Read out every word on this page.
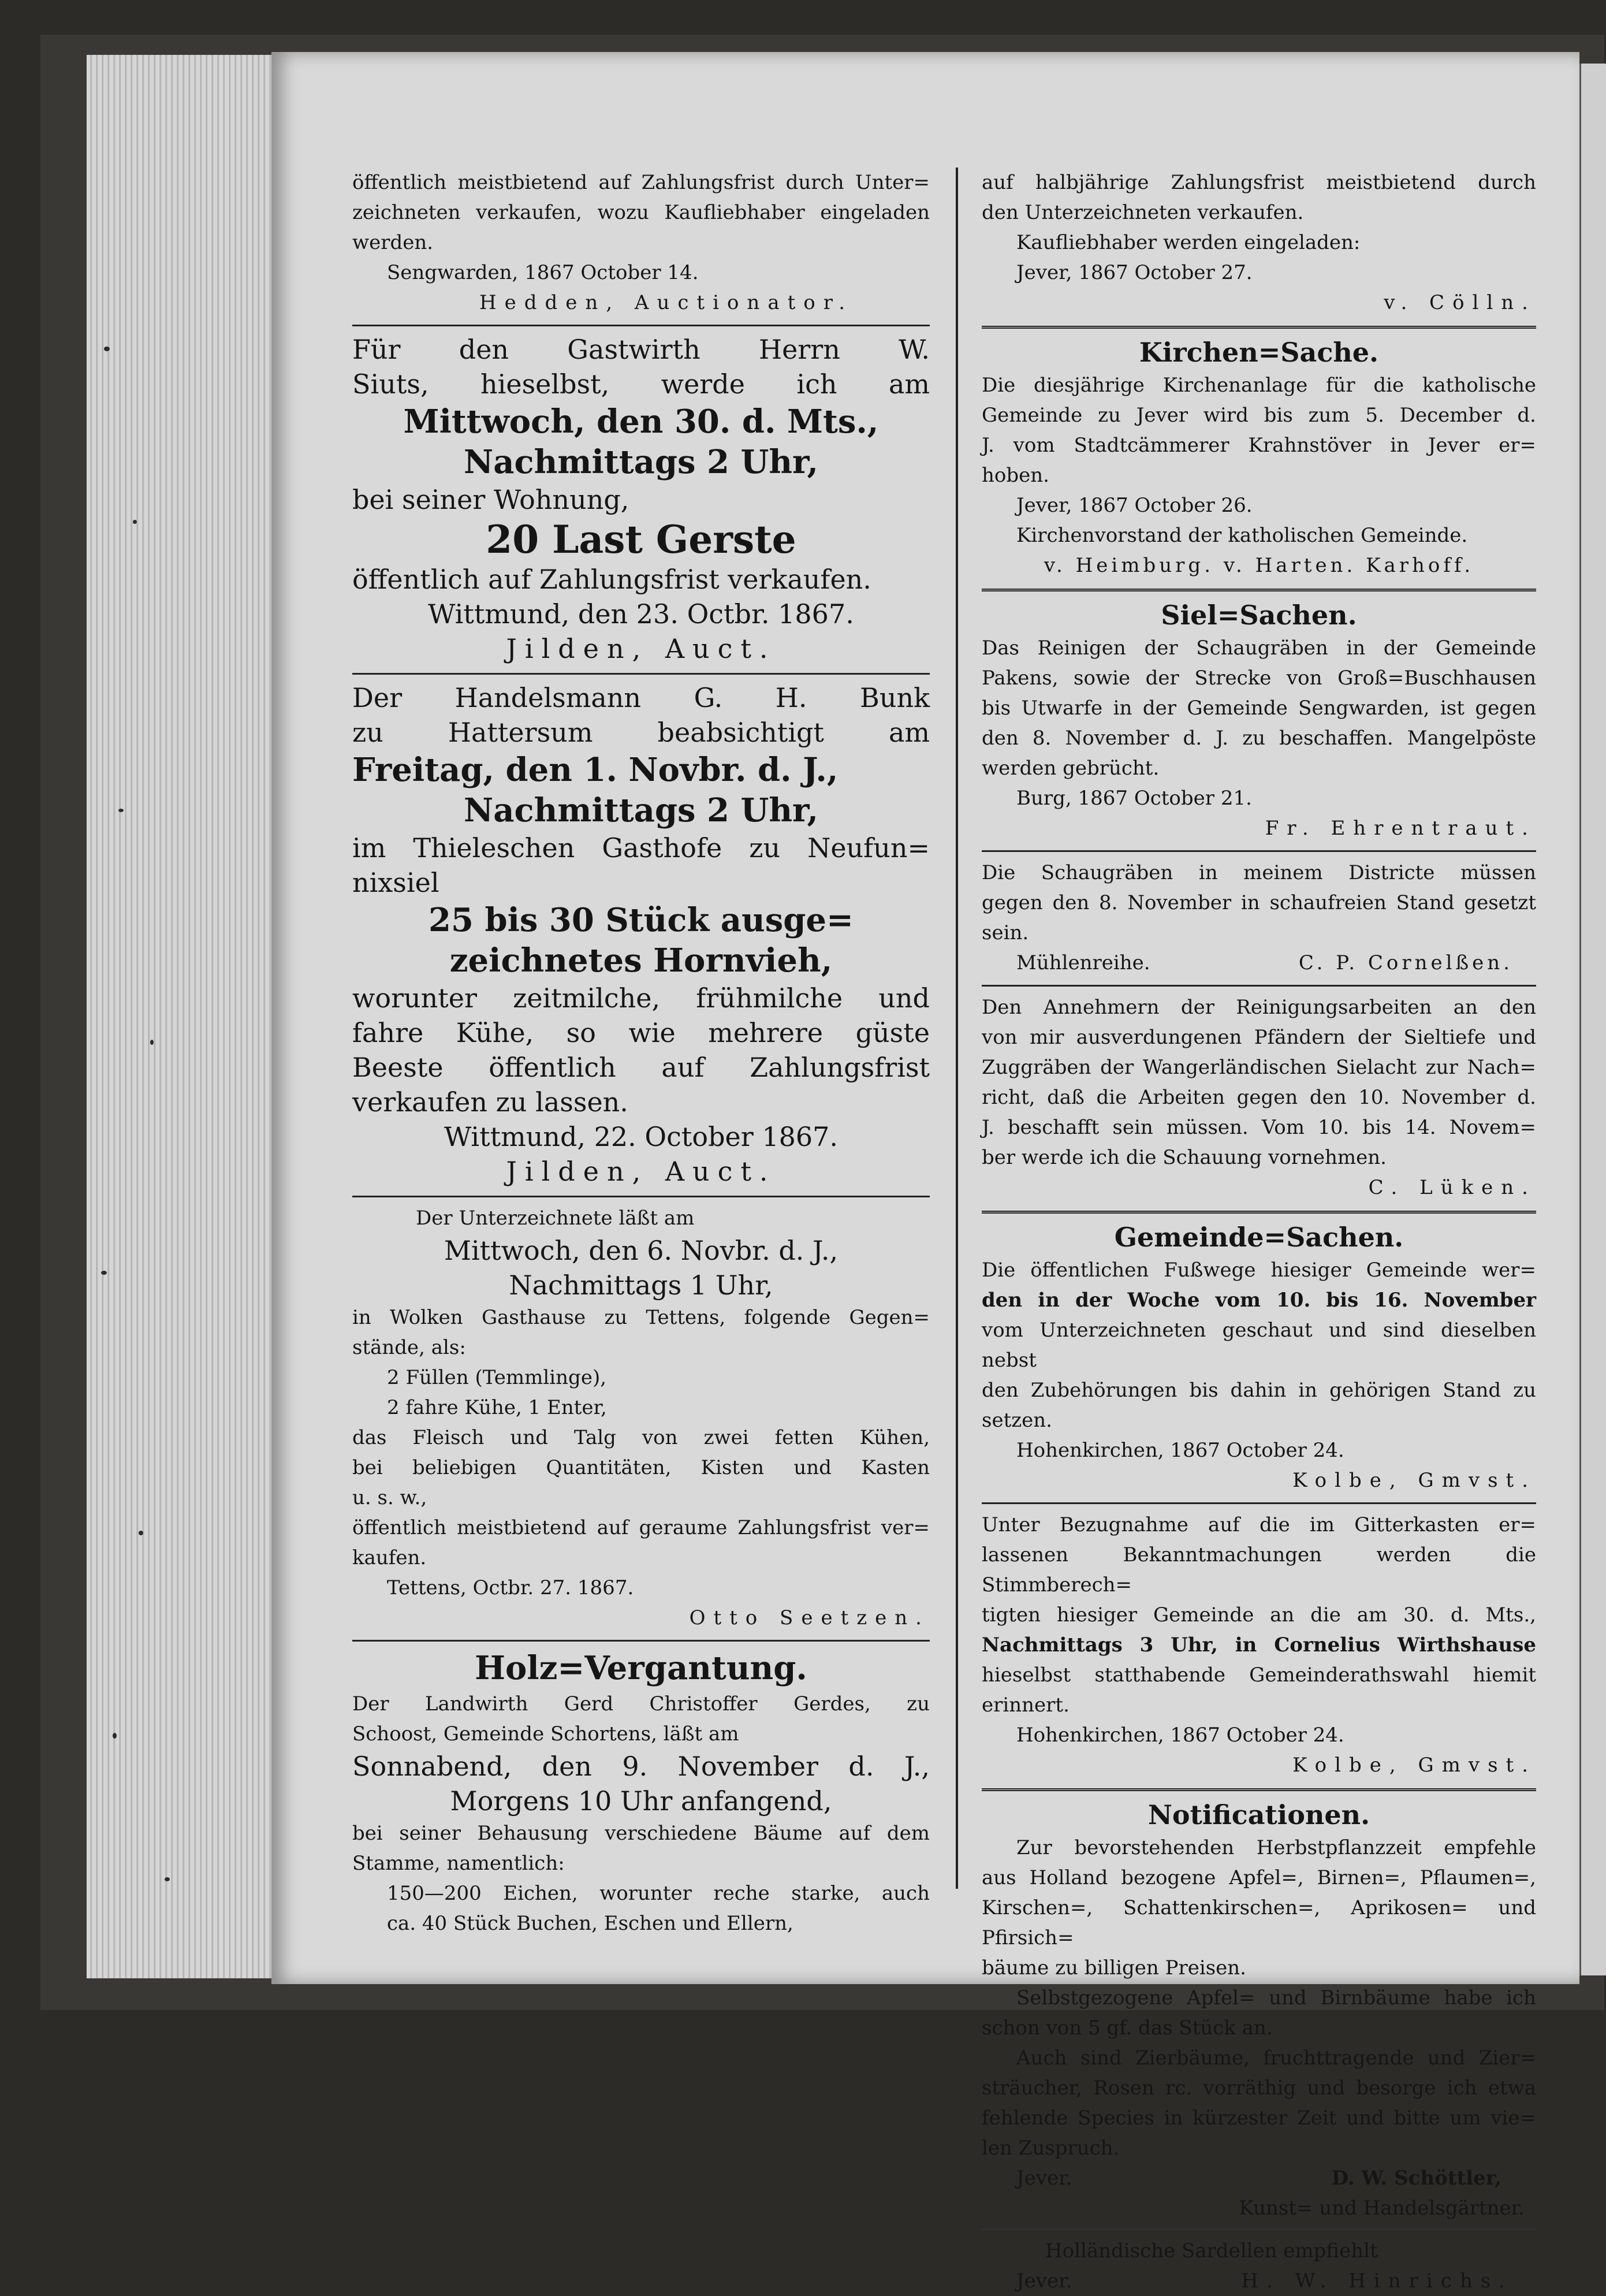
öffentlich meistbietend auf Zahlungsfrist durch Unter=

zeichneten verkaufen, wozu Kaufliebhaber eingeladen

werden.

Sengwarden, 1867 October 14.

Hedden, Auctionator.

Für den Gastwirth Herrn W.

Siuts, hieselbst, werde ich am

Mittwoch, den 30. d. Mts.,

Nachmittags 2 Uhr,

bei seiner Wohnung,

20 Last Gerste

öffentlich auf Zahlungsfrist verkaufen.

Wittmund, den 23. Octbr. 1867.

Jilden, Auct.

Der Handelsmann G. H. Bunk

zu Hattersum beabsichtigt am

Freitag, den 1. Novbr. d. J.,

Nachmittags 2 Uhr,

im Thieleschen Gasthofe zu Neufun=

nixsiel

25 bis 30 Stück ausge=

zeichnetes Hornvieh,

worunter zeitmilche, frühmilche und

fahre Kühe, so wie mehrere güste

Beeste öffentlich auf Zahlungsfrist

verkaufen zu lassen.

Wittmund, 22. October 1867.

Jilden, Auct.

Der Unterzeichnete läßt am

Mittwoch, den 6. Novbr. d. J.,

Nachmittags 1 Uhr,

in Wolken Gasthause zu Tettens, folgende Gegen=

stände, als:

2 Füllen (Temmlinge),

2 fahre Kühe, 1 Enter,

das Fleisch und Talg von zwei fetten Kühen,

bei beliebigen Quantitäten, Kisten und Kasten

u. s. w.,

öffentlich meistbietend auf geraume Zahlungsfrist ver=

kaufen.

Tettens, Octbr. 27. 1867.

Otto Seetzen.

Holz=Vergantung.

Der Landwirth Gerd Christoffer Gerdes, zu

Schoost, Gemeinde Schortens, läßt am

Sonnabend, den 9. November d. J.,

Morgens 10 Uhr anfangend,

bei seiner Behausung verschiedene Bäume auf dem

Stamme, namentlich:

150—200 Eichen, worunter reche starke, auch

ca. 40 Stück Buchen, Eschen und Ellern,

auf halbjährige Zahlungsfrist meistbietend durch

den Unterzeichneten verkaufen.

Kaufliebhaber werden eingeladen:

Jever, 1867 October 27.

v. Cölln.

Kirchen=Sache.

Die diesjährige Kirchenanlage für die katholische

Gemeinde zu Jever wird bis zum 5. December d.

J. vom Stadtcämmerer Krahnstöver in Jever er=

hoben.

Jever, 1867 October 26.

Kirchenvorstand der katholischen Gemeinde.

v. Heimburg. v. Harten. Karhoff.

Siel=Sachen.

Das Reinigen der Schaugräben in der Gemeinde

Pakens, sowie der Strecke von Groß=Buschhausen

bis Utwarfe in der Gemeinde Sengwarden, ist gegen

den 8. November d. J. zu beschaffen. Mangelpöste

werden gebrücht.

Burg, 1867 October 21.

Fr. Ehrentraut.

Die Schaugräben in meinem Districte müssen

gegen den 8. November in schaufreien Stand gesetzt

sein.

Mühlenreihe.	C. P. Cornelßen.

Den Annehmern der Reinigungsarbeiten an den

von mir ausverdungenen Pfändern der Sieltiefe und

Zuggräben der Wangerländischen Sielacht zur Nach=

richt, daß die Arbeiten gegen den 10. November d.

J. beschafft sein müssen. Vom 10. bis 14. Novem=

ber werde ich die Schauung vornehmen.

C. Lüken.

Gemeinde=Sachen.

Die öffentlichen Fußwege hiesiger Gemeinde wer=

den in der Woche vom 10. bis 16. November

vom Unterzeichneten geschaut und sind dieselben nebst

den Zubehörungen bis dahin in gehörigen Stand zu

setzen.

Hohenkirchen, 1867 October 24.

Kolbe, Gmvst.

Unter Bezugnahme auf die im Gitterkasten er=

lassenen Bekanntmachungen werden die Stimmberech=

tigten hiesiger Gemeinde an die am 30. d. Mts.,

Nachmittags 3 Uhr, in Cornelius Wirthshause

hieselbst statthabende Gemeinderathswahl hiemit

erinnert.

Hohenkirchen, 1867 October 24.

Kolbe, Gmvst.

Notificationen.

Zur bevorstehenden Herbstpflanzzeit empfehle

aus Holland bezogene Apfel=, Birnen=, Pflaumen=,

Kirschen=, Schattenkirschen=, Aprikosen= und Pfirsich=

bäume zu billigen Preisen.

Selbstgezogene Apfel= und Birnbäume habe ich

schon von 5 gf. das Stück an.

Auch sind Zierbäume, fruchttragende und Zier=

sträucher, Rosen rc. vorräthig und besorge ich etwa

fehlende Species in kürzester Zeit und bitte um vie=

len Zuspruch.

Jever.	D. W. Schöttler,

Kunst= und Handelsgärtner.

Holländische Sardellen empfiehlt

Jever.	H. W. Hinrichs.
